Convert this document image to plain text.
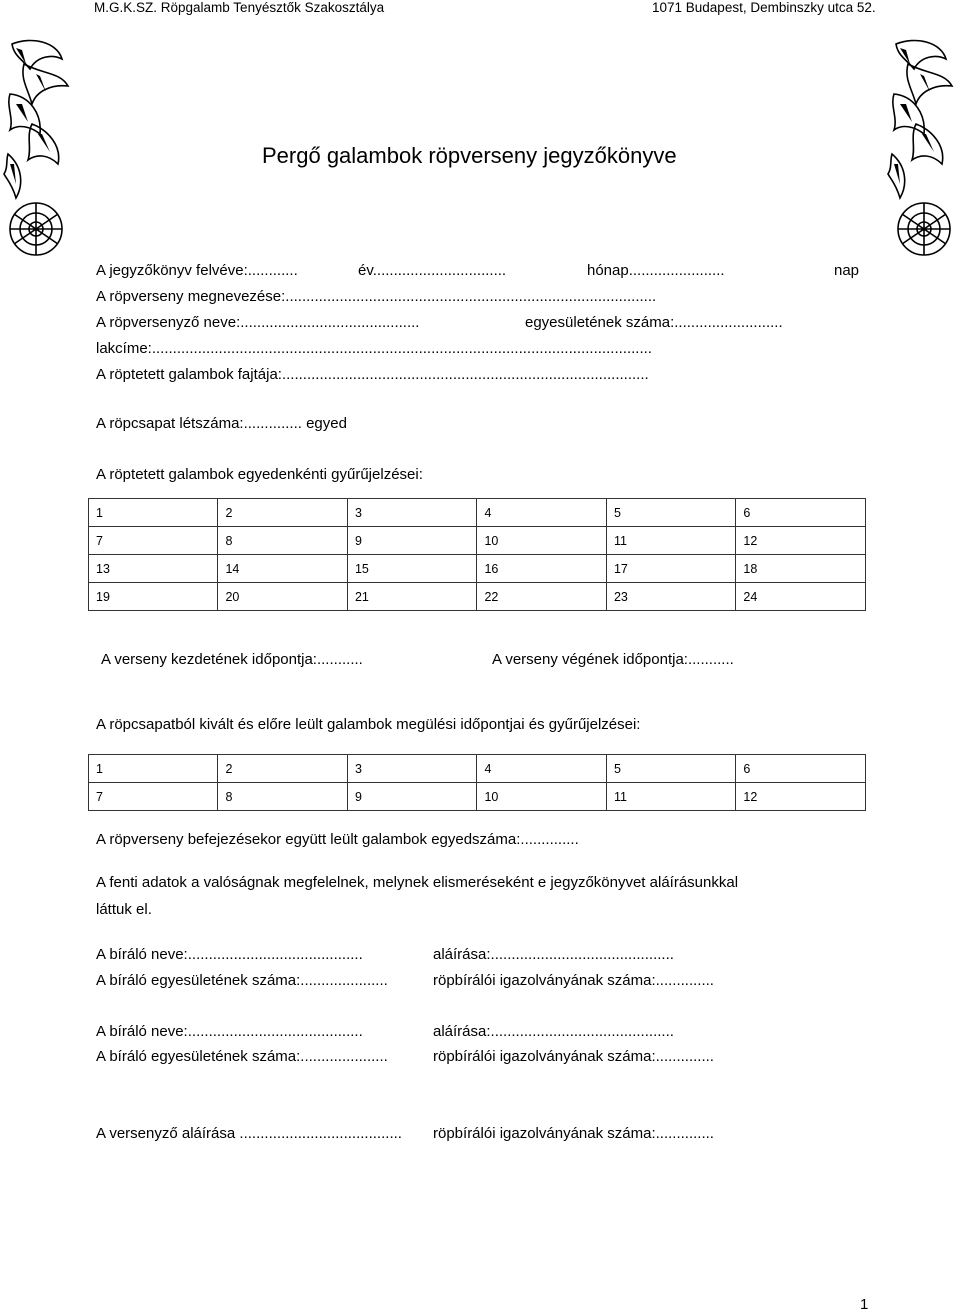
M.G.K.SZ. Röpgalamb Tenyésztők Szakosztálya	1071 Budapest, Dembinszky utca 52.
Pergő galambok röpverseny jegyzőkönyve
A jegyzőkönyv felvéve:............	év................................	hónap.......................	nap
A röpverseny megnevezése:.........................................................................................
A röpversenyző neve:...........................................	egyesületének száma:..........................
lakcíme:........................................................................................................................
A röptetett galambok fajtája:........................................................................................
A röpcsapat létszáma:.............. egyed
A röptetett galambok egyedenkénti gyűrűjelzései:
1	2	3	4	5	6
7	8	9	10	11	12
13	14	15	16	17	18
19	20	21	22	23	24
A verseny kezdetének időpontja:...........	A verseny végének időpontja:...........
A röpcsapatból kivált és előre leült galambok megülési időpontjai és gyűrűjelzései:
1	2	3	4	5	6
7	8	9	10	11	12
A röpverseny befejezésekor együtt leült galambok egyedszáma:..............
A fenti adatok a valóságnak megfelelnek, melynek elismeréseként e jegyzőkönyvet aláírásunkkal
láttuk el.
A bíráló neve:..........................................	aláírása:............................................
A bíráló egyesületének száma:.....................	röpbírálói igazolványának száma:..............
A bíráló neve:..........................................	aláírása:............................................
A bíráló egyesületének száma:.....................	röpbírálói igazolványának száma:..............
A versenyző aláírása ....................................... röpbírálói igazolványának száma:..............
1
